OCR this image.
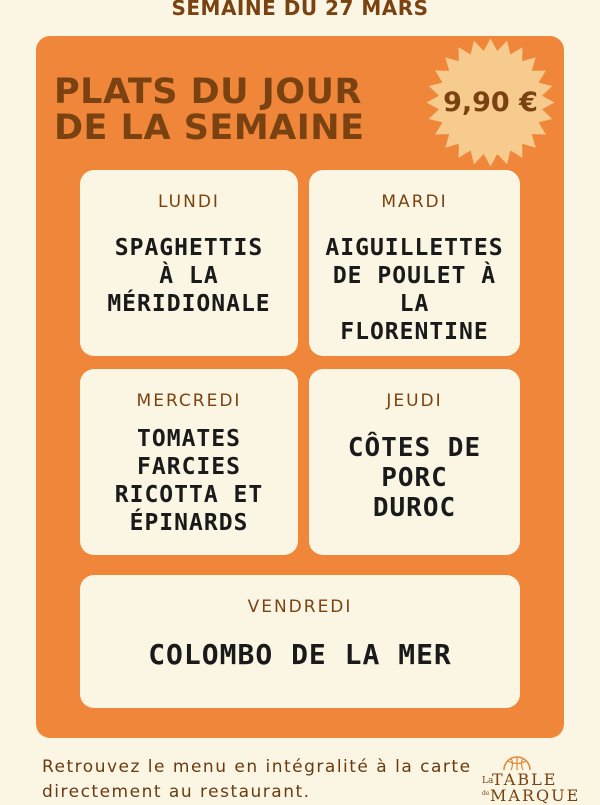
SEMAINE DU 27 MARS
PLATS DU JOUR
DE LA SEMAINE
9,90 €
LUNDI
SPAGHETTIS
À LA
MÉRIDIONALE
MARDI
AIGUILLETTES
DE POULET À
LA FLORENTINE
MERCREDI
TOMATES
FARCIES
RICOTTA ET
ÉPINARDS
JEUDI
CÔTES DE
PORC
DUROC
VENDREDI
COLOMBO DE LA MER

Retrouvez le menu en intégralité à la carte directement au restaurant.

La
TABLE
de MARQUE
